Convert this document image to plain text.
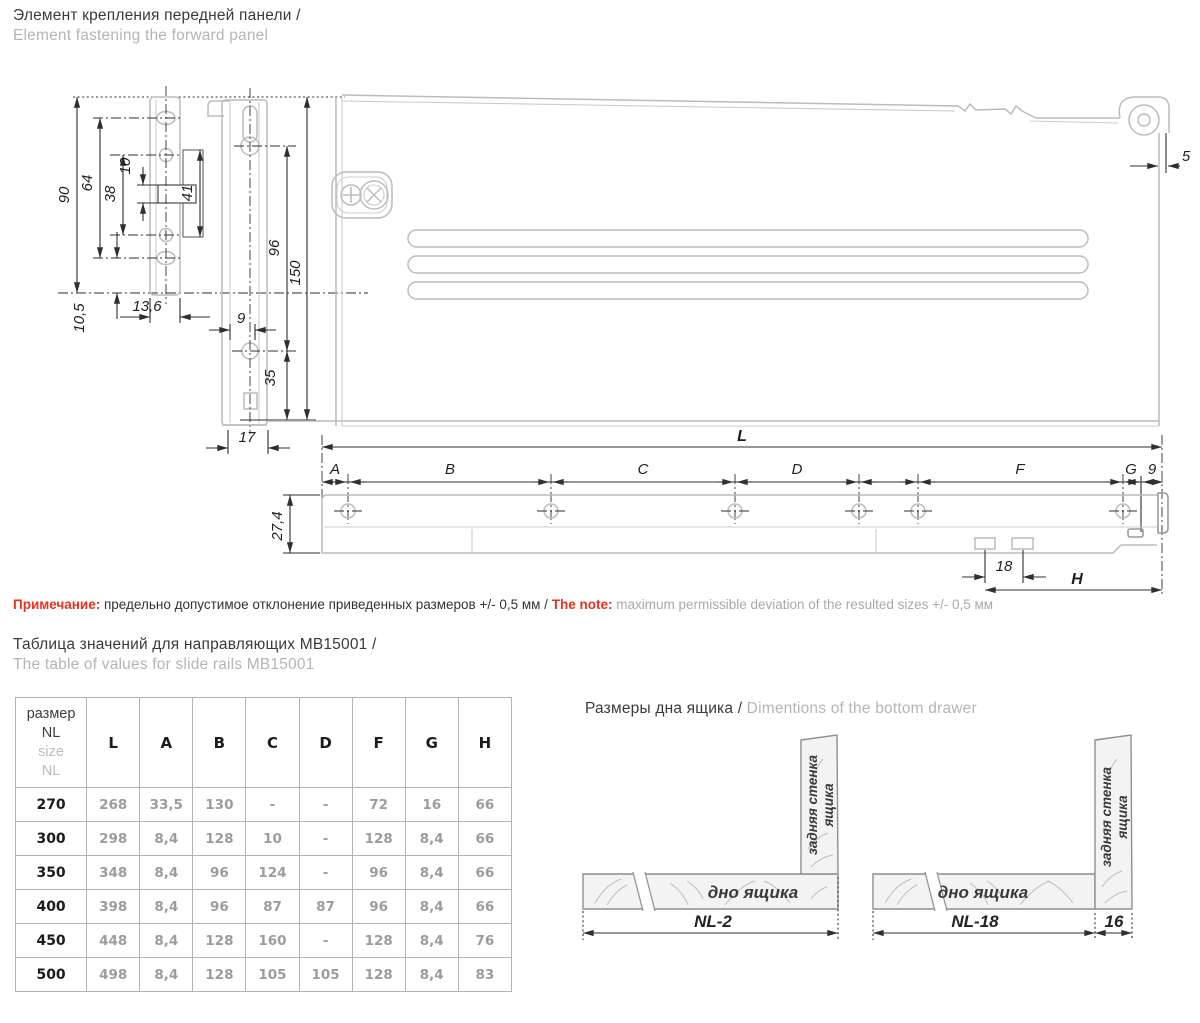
Элемент крепления передней панели /
Element fastening the forward panel
90
64
38
10
41
96
35
150
10,5	13,6
9
17
5
L
A	B	C	D	F	G 9
27,4
18
H
Примечание: предельно допустимое отклонение приведенных размеров +/- 0,5 мм / The note: maximum permissible deviation of the resulted sizes +/- 0,5 мм
Таблица значений для направляющих MB15001 /
The table of values for slide rails MB15001
размер
NL
size
NL	L	A	B	C	D	F	G	H
270	268	33,5	130	-	-	72	16	66
300	298	8,4	128	10	-	128	8,4	66
350	348	8,4	96	124	-	96	8,4	66
400	398	8,4	96	87	87	96	8,4	66
450	448	8,4	128	160	-	128	8,4	76
500	498	8,4	128	105	105	128	8,4	83
Размеры дна ящика / Dimentions of the bottom drawer
дно ящика
задняя стенка ящика
NL-2
дно ящика
задняя стенка ящика
NL-18	16
